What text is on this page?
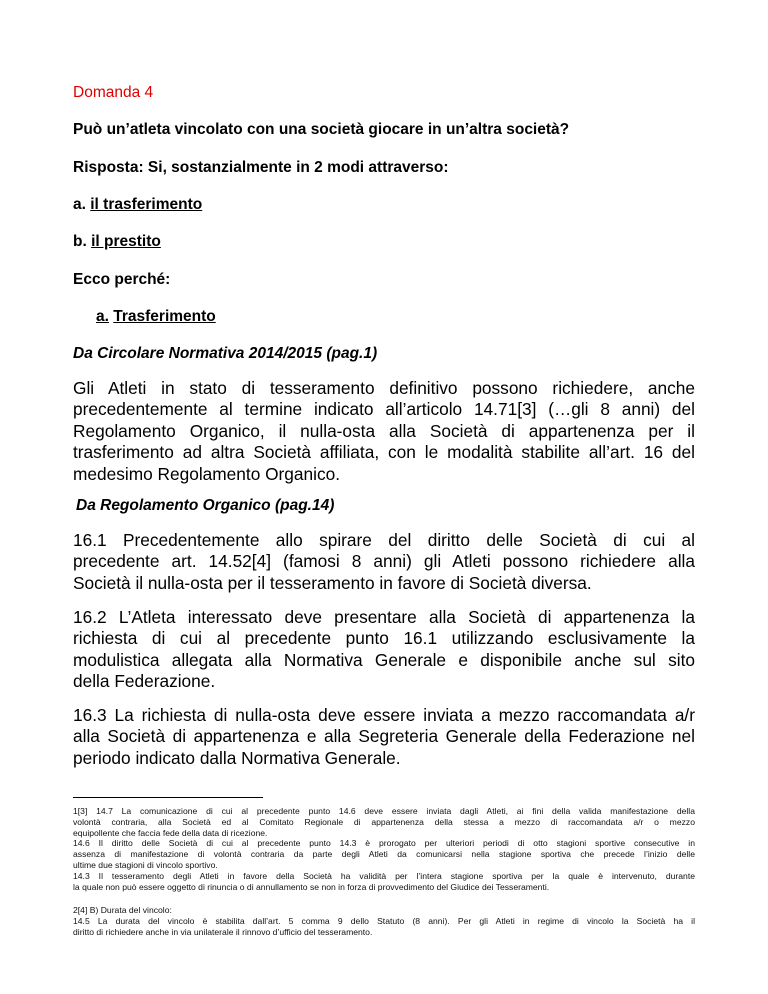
Domanda 4
Può un’atleta vincolato con una società giocare in un’altra società?
Risposta: Si, sostanzialmente in 2 modi attraverso:
a. il trasferimento
b. il prestito
Ecco perché:
a. Trasferimento
Da Circolare Normativa 2014/2015 (pag.1)
Gli Atleti in stato di tesseramento definitivo possono richiedere, anche
precedentemente al termine indicato all’articolo 14.71[3] (…gli 8 anni) del
Regolamento Organico, il nulla-osta alla Società di appartenenza per il
trasferimento ad altra Società affiliata, con le modalità stabilite all’art. 16 del
medesimo Regolamento Organico.
Da Regolamento Organico (pag.14)
16.1 Precedentemente allo spirare del diritto delle Società di cui al
precedente art. 14.52[4] (famosi 8 anni) gli Atleti possono richiedere alla
Società il nulla-osta per il tesseramento in favore di Società diversa.
16.2 L’Atleta interessato deve presentare alla Società di appartenenza la
richiesta di cui al precedente punto 16.1 utilizzando esclusivamente la
modulistica allegata alla Normativa Generale e disponibile anche sul sito
della Federazione.
16.3 La richiesta di nulla-osta deve essere inviata a mezzo raccomandata a/r
alla Società di appartenenza e alla Segreteria Generale della Federazione nel
periodo indicato dalla Normativa Generale.
1[3] 14.7 La comunicazione di cui al precedente punto 14.6 deve essere inviata dagli Atleti, ai fini della valida manifestazione della
volontà contraria, alla Società ed al Comitato Regionale di appartenenza della stessa a mezzo di raccomandata a/r o mezzo
equipollente che faccia fede della data di ricezione.
14.6 Il diritto delle Società di cui al precedente punto 14.3 è prorogato per ulteriori periodi di otto stagioni sportive consecutive in
assenza di manifestazione di volontà contraria da parte degli Atleti da comunicarsi nella stagione sportiva che precede l’inizio delle
ultime due stagioni di vincolo sportivo.
14.3 Il tesseramento degli Atleti in favore della Società ha validità per l’intera stagione sportiva per la quale è intervenuto, durante
la quale non può essere oggetto di rinuncia o di annullamento se non in forza di provvedimento del Giudice dei Tesseramenti.
2[4] B) Durata del vincolo:
14.5 La durata del vincolo è stabilita dall’art. 5 comma 9 dello Statuto (8 anni). Per gli Atleti in regime di vincolo la Società ha il
diritto di richiedere anche in via unilaterale il rinnovo d’ufficio del tesseramento.
